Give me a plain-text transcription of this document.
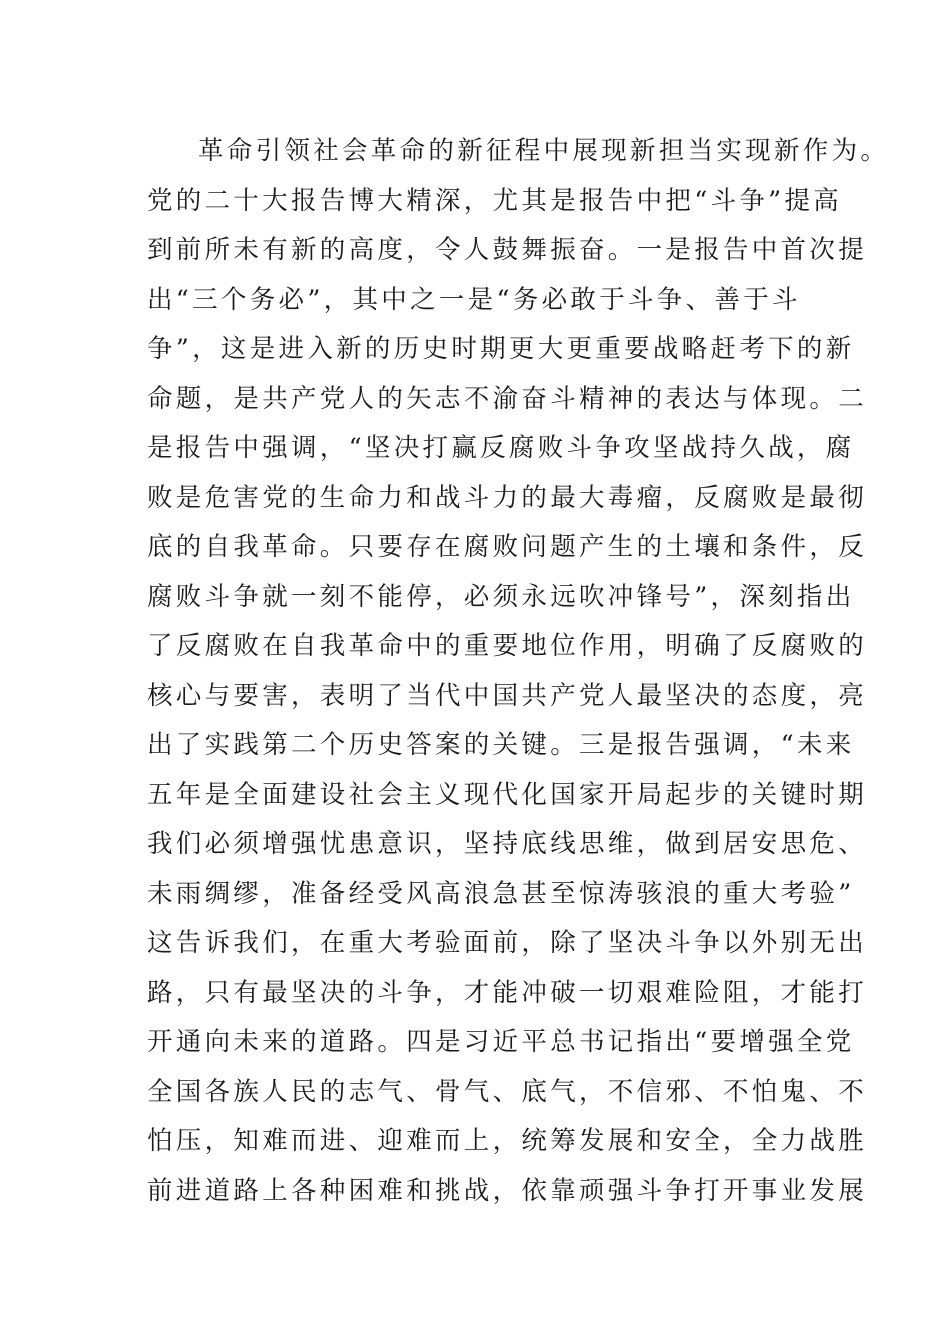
革命引领社会革命的新征程中展现新担当实现新作为。
党的二十大报告博大精深，尤其是报告中把“斗争”提高
到前所未有新的高度，令人鼓舞振奋。一是报告中首次提
出“三个务必”，其中之一是“务必敢于斗争、善于斗
争”，这是进入新的历史时期更大更重要战略赶考下的新
命题，是共产党人的矢志不渝奋斗精神的表达与体现。二
是报告中强调，“坚决打赢反腐败斗争攻坚战持久战，腐
败是危害党的生命力和战斗力的最大毒瘤，反腐败是最彻
底的自我革命。只要存在腐败问题产生的土壤和条件，反
腐败斗争就一刻不能停，必须永远吹冲锋号”，深刻指出
了反腐败在自我革命中的重要地位作用，明确了反腐败的
核心与要害，表明了当代中国共产党人最坚决的态度，亮
出了实践第二个历史答案的关键。三是报告强调，“未来
五年是全面建设社会主义现代化国家开局起步的关键时期
我们必须增强忧患意识，坚持底线思维，做到居安思危、
未雨绸缪，准备经受风高浪急甚至惊涛骇浪的重大考验”
这告诉我们，在重大考验面前，除了坚决斗争以外别无出
路，只有最坚决的斗争，才能冲破一切艰难险阻，才能打
开通向未来的道路。四是习近平总书记指出“要增强全党
全国各族人民的志气、骨气、底气，不信邪、不怕鬼、不
怕压，知难而进、迎难而上，统筹发展和安全，全力战胜
前进道路上各种困难和挑战，依靠顽强斗争打开事业发展
